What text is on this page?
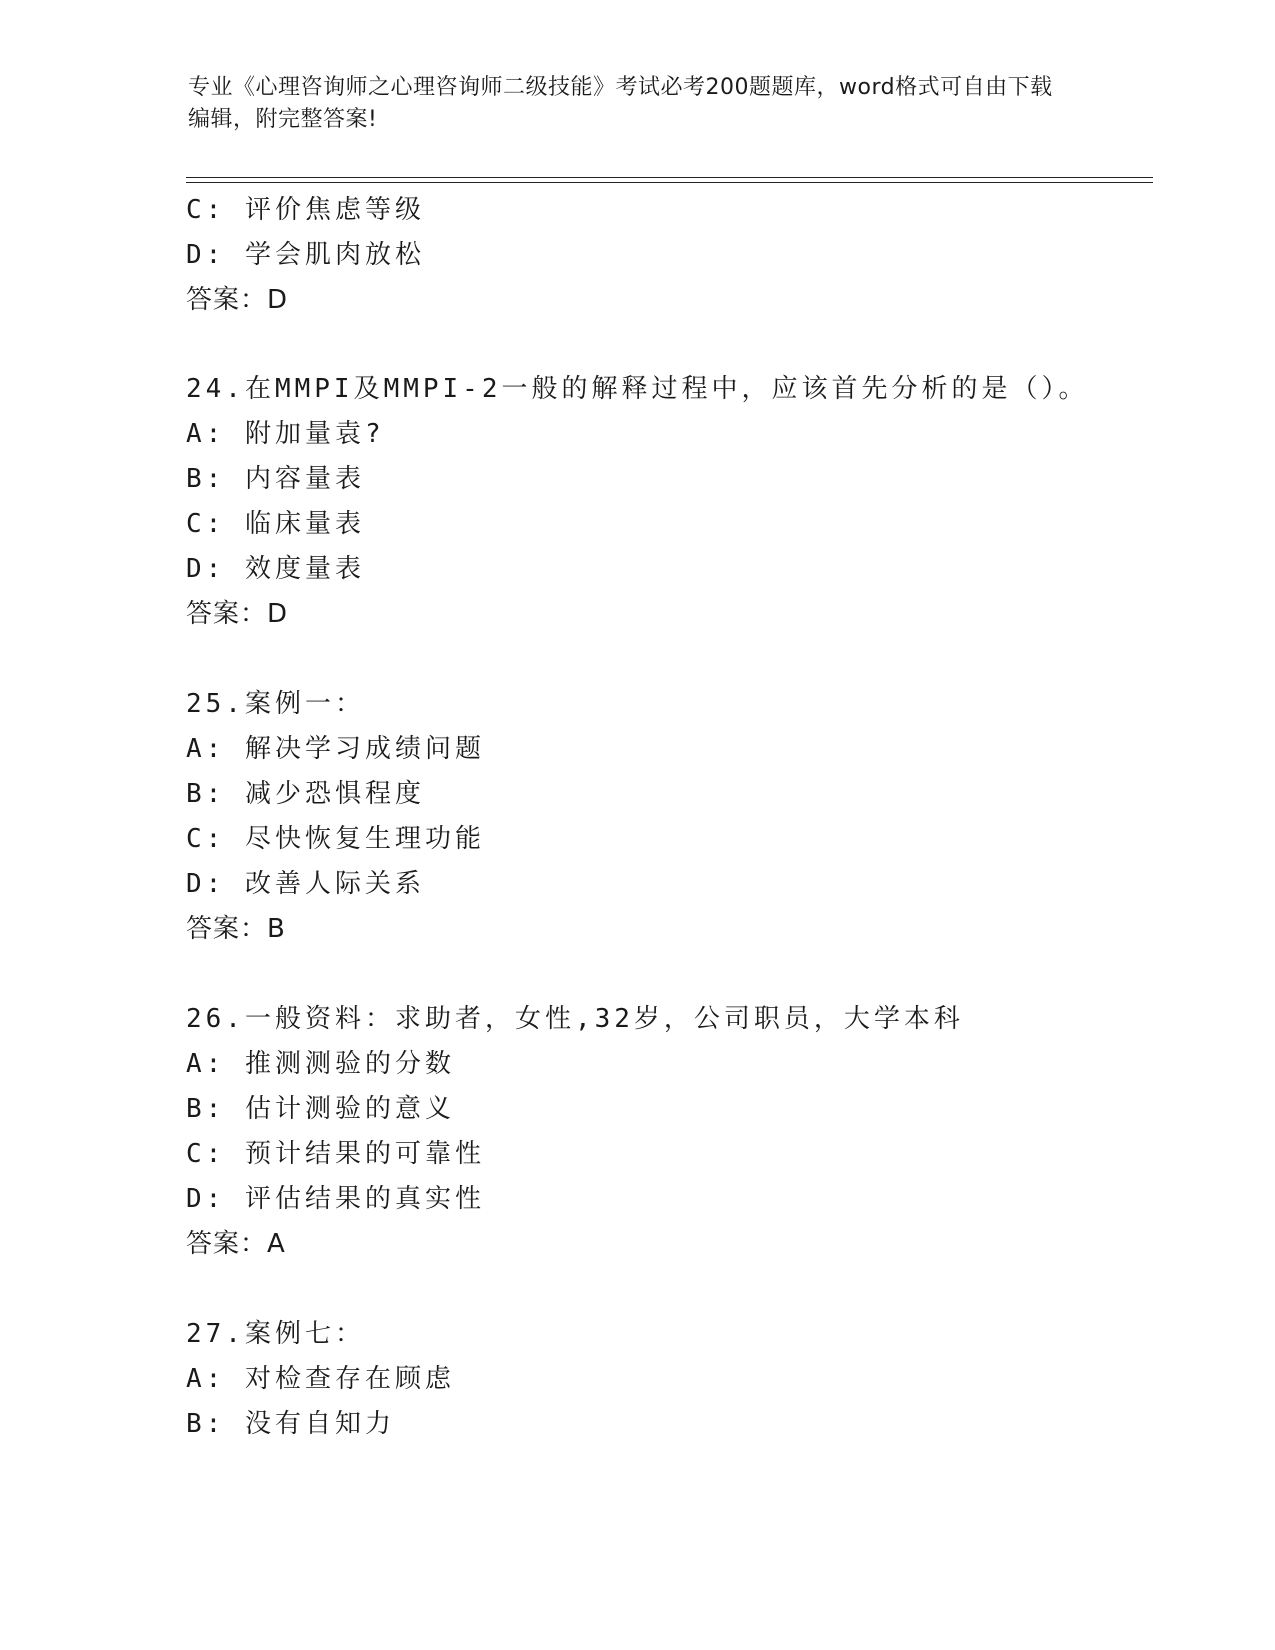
专业《心理咨询师之心理咨询师二级技能》考试必考200题题库，word格式可自由下载编辑，附完整答案!
C: 评价焦虑等级
D: 学会肌肉放松
答案：D
24.在MMPI及MMPI-2一般的解释过程中，应该首先分析的是（）。
A: 附加量袁?
B: 内容量表
C: 临床量表
D: 效度量表
答案：D
25.案例一：
A: 解决学习成绩问题
B: 减少恐惧程度
C: 尽快恢复生理功能
D: 改善人际关系
答案：B
26.一般资料：求助者，女性,32岁，公司职员，大学本科
A: 推测测验的分数
B: 估计测验的意义
C: 预计结果的可靠性
D: 评估结果的真实性
答案：A
27.案例七：
A: 对检查存在顾虑
B: 没有自知力
